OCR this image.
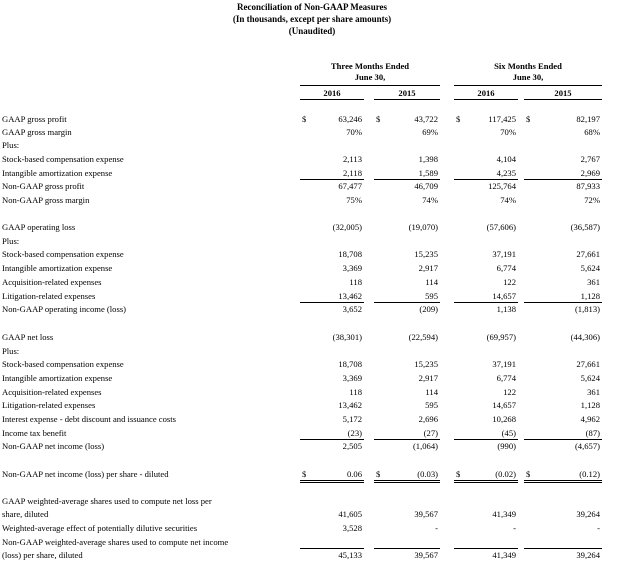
Reconciliation of Non-GAAP Measures
(In thousands, except per share amounts)
(Unaudited)
Three Months Ended
June 30,
Six Months Ended
June 30,
2016	2015	2016	2015
GAAP gross profit	63,246	43,722	117,425	82,197
$	$	$	$
GAAP gross margin	70%	69%	70%	68%
Plus:
Stock-based compensation expense	2,113	1,398	4,104	2,767
Intangible amortization expense	2,118	1,589	4,235	2,969
Non-GAAP gross profit	67,477	46,709	125,764	87,933
Non-GAAP gross margin	75%	74%	74%	72%
GAAP operating loss	(32,005)	(19,070)	(57,606)	(36,587)
Plus:
Stock-based compensation expense	18,708	15,235	37,191	27,661
Intangible amortization expense	3,369	2,917	6,774	5,624
Acquisition-related expenses	118	114	122	361
Litigation-related expenses	13,462	595	14,657	1,128
Non-GAAP operating income (loss)	3,652	(209)	1,138	(1,813)
GAAP net loss	(38,301)	(22,594)	(69,957)	(44,306)
Plus:
Stock-based compensation expense	18,708	15,235	37,191	27,661
Intangible amortization expense	3,369	2,917	6,774	5,624
Acquisition-related expenses	118	114	122	361
Litigation-related expenses	13,462	595	14,657	1,128
Interest expense - debt discount and issuance costs	5,172	2,696	10,268	4,962
Income tax benefit	(23)	(27)	(45)	(87)
Non-GAAP net income (loss)	2,505	(1,064)	(990)	(4,657)
Non-GAAP net income (loss) per share - diluted	0.06	(0.03)	(0.02)	(0.12)
$	$	$	$
GAAP weighted-average shares used to compute net loss per
share, diluted	41,605	39,567	41,349	39,264
Weighted-average effect of potentially dilutive securities	3,528	-	-	-
Non-GAAP weighted-average shares used to compute net income
(loss) per share, diluted	45,133	39,567	41,349	39,264
